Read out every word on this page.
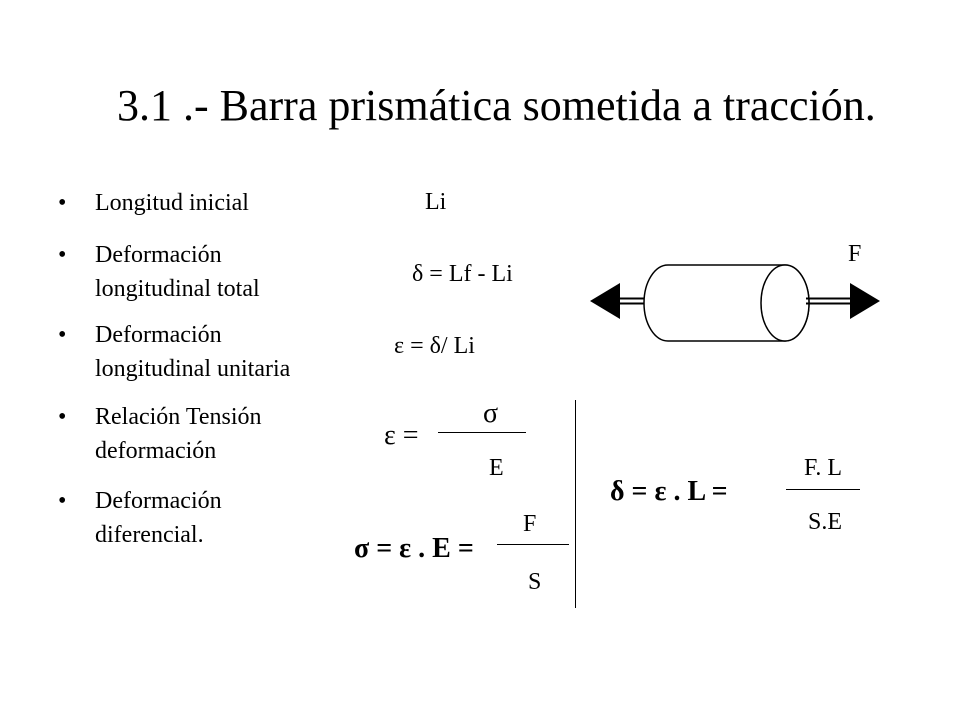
3.1 .- Barra prismática sometida a tracción.
• Longitud inicial
• Deformación
longitudinal total
• Deformación
longitudinal unitaria
• Relación Tensión
deformación
• Deformación
diferencial.
Li
δ = Lf - Li
ε = δ/ Li
ε =
σ
E
F
σ = ε . E =
S
F. L
δ = ε . L =
S.E
F
